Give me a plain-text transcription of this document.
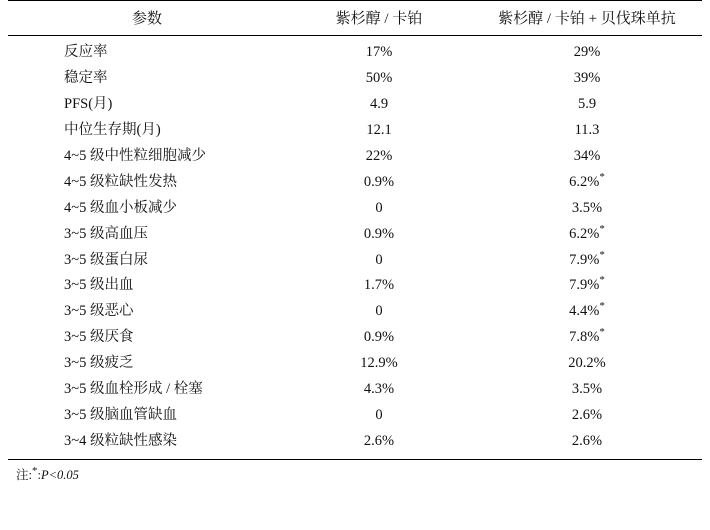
参数	紫杉醇 / 卡铂	紫杉醇 / 卡铂 + 贝伐珠单抗
反应率	17%	29%
稳定率	50%	39%
PFS(月)	4.9	5.9
中位生存期(月)	12.1	11.3
4~5 级中性粒细胞减少	22%	34%
4~5 级粒缺性发热	0.9%	6.2%*
4~5 级血小板减少	0	3.5%
3~5 级高血压	0.9%	6.2%*
3~5 级蛋白尿	0	7.9%*
3~5 级出血	1.7%	7.9%*
3~5 级恶心	0	4.4%*
3~5 级厌食	0.9%	7.8%*
3~5 级疲乏	12.9%	20.2%
3~5 级血栓形成 / 栓塞	4.3%	3.5%
3~5 级脑血管缺血	0	2.6%
3~4 级粒缺性感染	2.6%	2.6%
注:*:P<0.05
